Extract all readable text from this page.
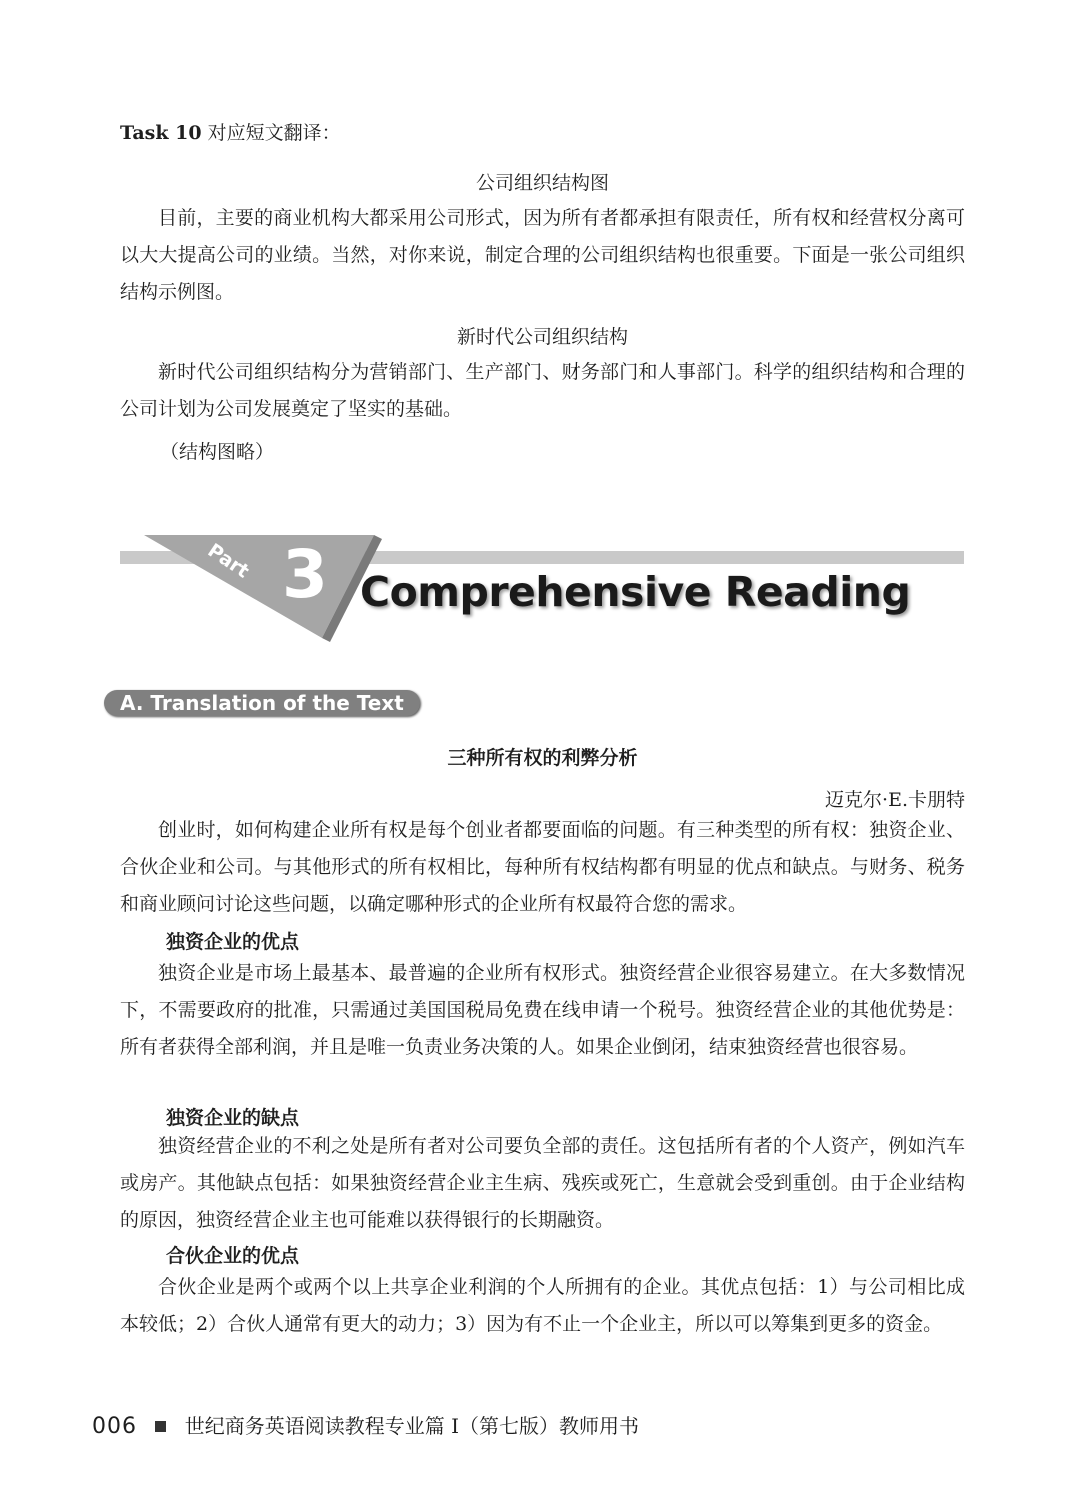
Task 10 对应短文翻译：
公司组织结构图

目前，主要的商业机构大都采用公司形式，因为所有者都承担有限责任，所有权和经营权分离可以大大提高公司的业绩。当然，对你来说，制定合理的公司组织结构也很重要。下面是一张公司组织结构示例图。

新时代公司组织结构

新时代公司组织结构分为营销部门、生产部门、财务部门和人事部门。科学的组织结构和合理的公司计划为公司发展奠定了坚实的基础。

（结构图略）
Part 3 Comprehensive Reading
A. Translation of the Text
三种所有权的利弊分析
迈克尔·E.卡朋特

创业时，如何构建企业所有权是每个创业者都要面临的问题。有三种类型的所有权：独资企业、合伙企业和公司。与其他形式的所有权相比，每种所有权结构都有明显的优点和缺点。与财务、税务和商业顾问讨论这些问题，以确定哪种形式的企业所有权最符合您的需求。

独资企业的优点

独资企业是市场上最基本、最普遍的企业所有权形式。独资经营企业很容易建立。在大多数情况下，不需要政府的批准，只需通过美国国税局免费在线申请一个税号。独资经营企业的其他优势是：所有者获得全部利润，并且是唯一负责业务决策的人。如果企业倒闭，结束独资经营也很容易。

独资企业的缺点

独资经营企业的不利之处是所有者对公司要负全部的责任。这包括所有者的个人资产，例如汽车或房产。其他缺点包括：如果独资经营企业主生病、残疾或死亡，生意就会受到重创。由于企业结构的原因，独资经营企业主也可能难以获得银行的长期融资。

合伙企业的优点

合伙企业是两个或两个以上共享企业利润的个人所拥有的企业。其优点包括：1）与公司相比成本较低；2）合伙人通常有更大的动力；3）因为有不止一个企业主，所以可以筹集到更多的资金。

006 世纪商务英语阅读教程专业篇 Ⅰ（第七版）教师用书
